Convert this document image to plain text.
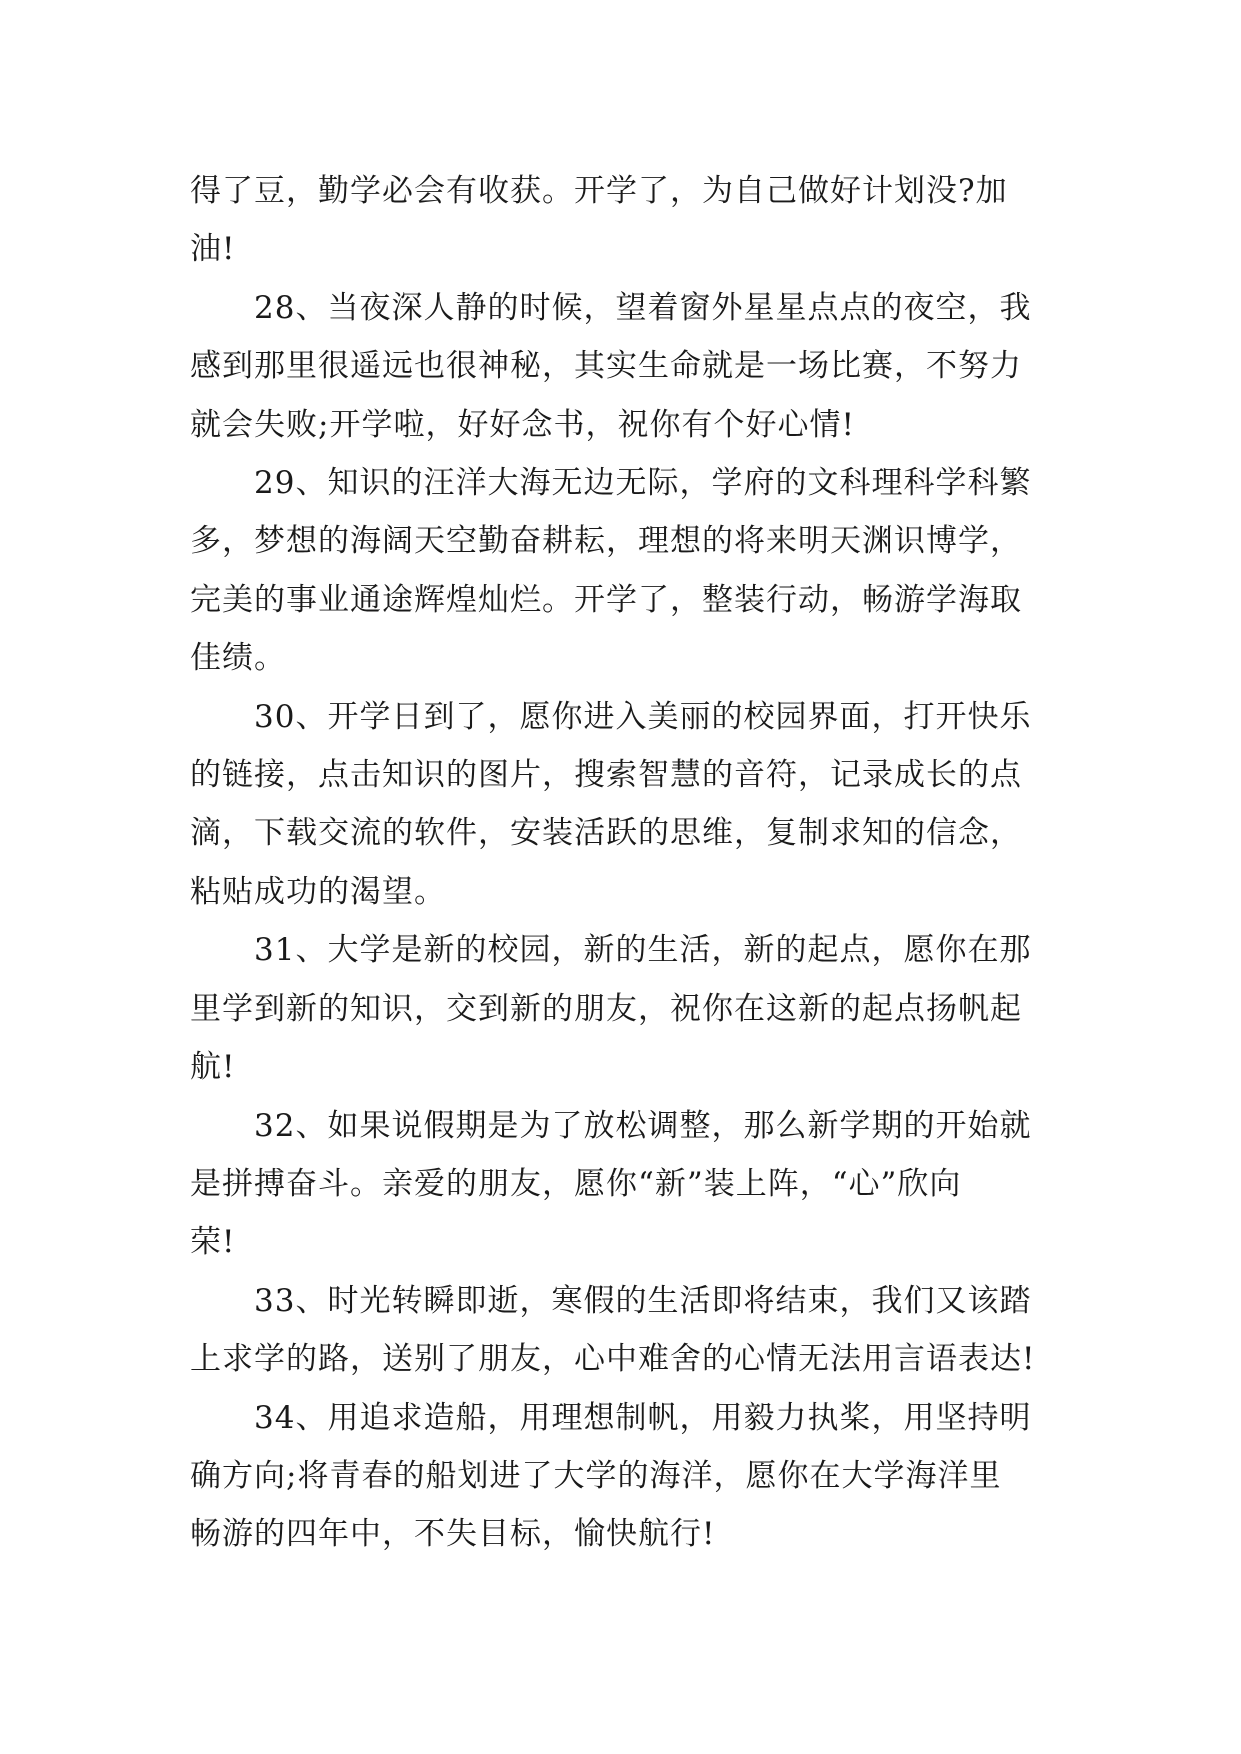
得了豆，勤学必会有收获。开学了，为自己做好计划没?加
油!

28、当夜深人静的时候，望着窗外星星点点的夜空，我
感到那里很遥远也很神秘，其实生命就是一场比赛，不努力
就会失败;开学啦，好好念书，祝你有个好心情!

29、知识的汪洋大海无边无际，学府的文科理科学科繁
多，梦想的海阔天空勤奋耕耘，理想的将来明天渊识博学，
完美的事业通途辉煌灿烂。开学了，整装行动，畅游学海取
佳绩。

30、开学日到了，愿你进入美丽的校园界面，打开快乐
的链接，点击知识的图片，搜索智慧的音符，记录成长的点
滴，下载交流的软件，安装活跃的思维，复制求知的信念，
粘贴成功的渴望。

31、大学是新的校园，新的生活，新的起点，愿你在那
里学到新的知识，交到新的朋友，祝你在这新的起点扬帆起
航!

32、如果说假期是为了放松调整，那么新学期的开始就
是拼搏奋斗。亲爱的朋友，愿你“新”装上阵，“心”欣向
荣!

33、时光转瞬即逝，寒假的生活即将结束，我们又该踏
上求学的路，送别了朋友，心中难舍的心情无法用言语表达!

34、用追求造船，用理想制帆，用毅力执桨，用坚持明
确方向;将青春的船划进了大学的海洋，愿你在大学海洋里
畅游的四年中，不失目标，愉快航行!
